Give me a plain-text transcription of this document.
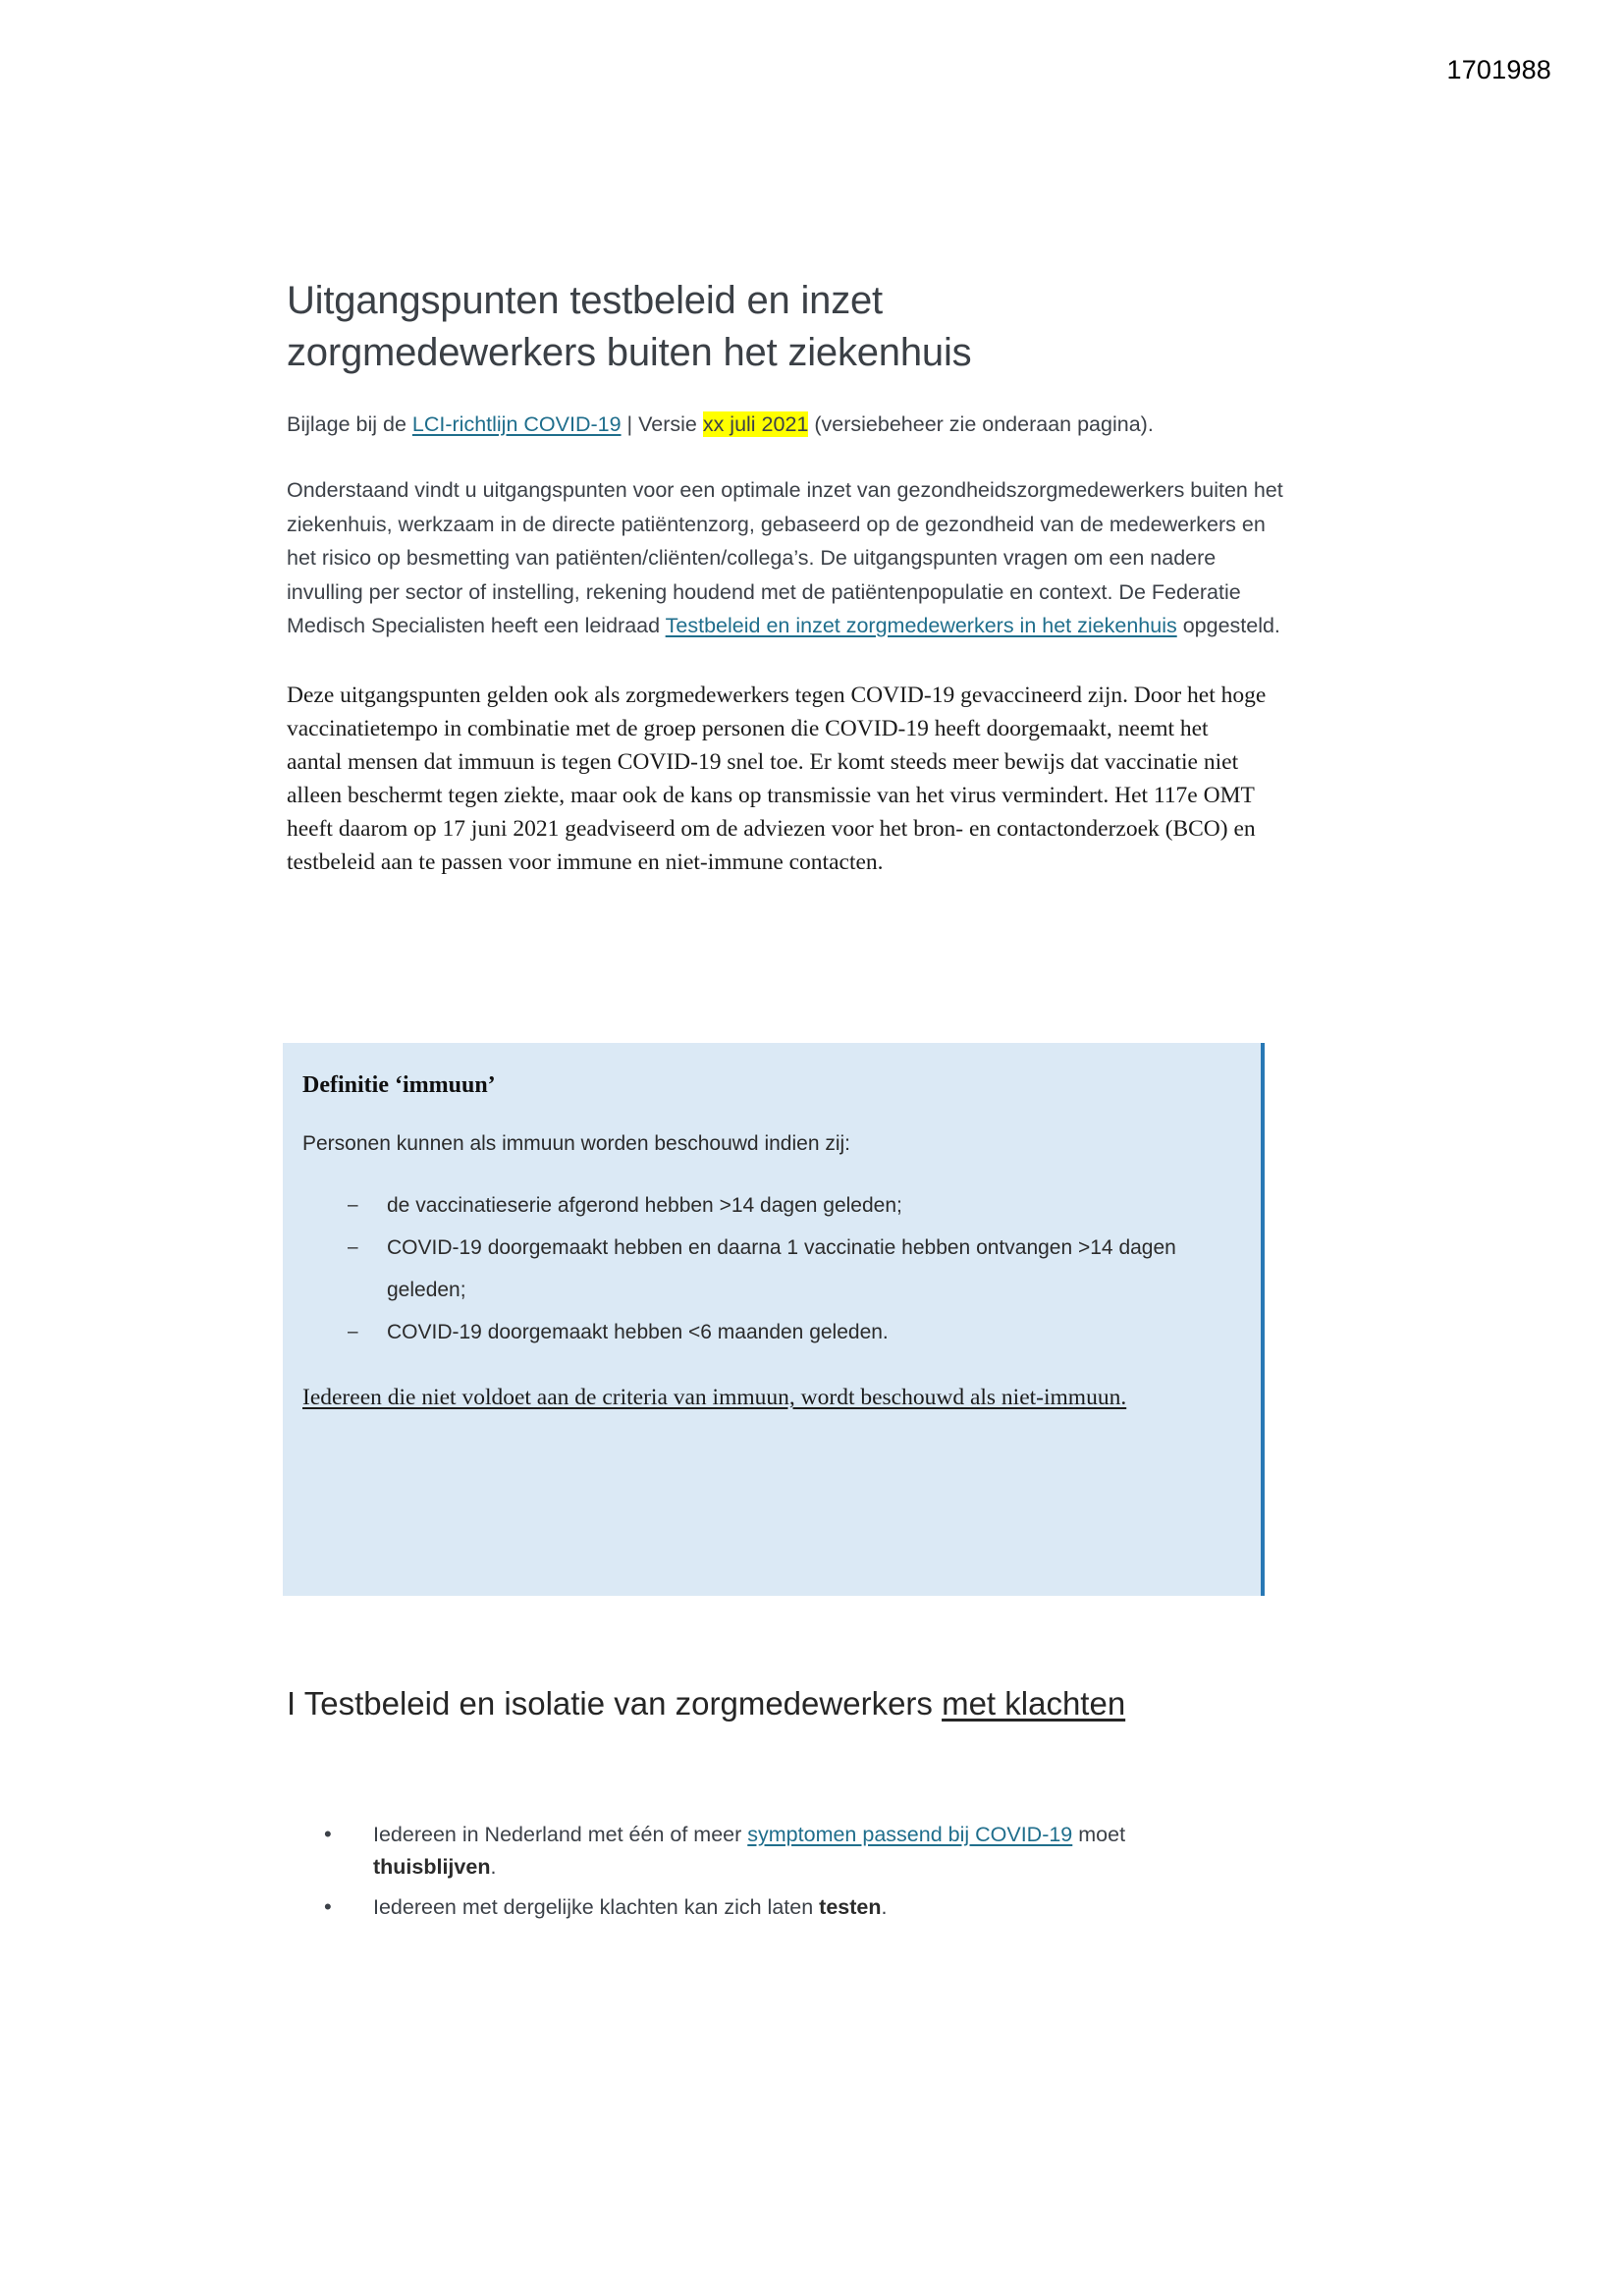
1701988
Uitgangspunten testbeleid en inzet zorgmedewerkers buiten het ziekenhuis

Bijlage bij de LCI-richtlijn COVID-19 | Versie xx juli 2021 (versiebeheer zie onderaan pagina).

Onderstaand vindt u uitgangspunten voor een optimale inzet van gezondheidszorgmedewerkers buiten het ziekenhuis, werkzaam in de directe patiëntenzorg, gebaseerd op de gezondheid van de medewerkers en het risico op besmetting van patiënten/cliënten/collega’s. De uitgangspunten vragen om een nadere invulling per sector of instelling, rekening houdend met de patiëntenpopulatie en context. De Federatie Medisch Specialisten heeft een leidraad Testbeleid en inzet zorgmedewerkers in het ziekenhuis opgesteld.

Deze uitgangspunten gelden ook als zorgmedewerkers tegen COVID-19 gevaccineerd zijn. Door het hoge vaccinatietempo in combinatie met de groep personen die COVID-19 heeft doorgemaakt, neemt het aantal mensen dat immuun is tegen COVID-19 snel toe. Er komt steeds meer bewijs dat vaccinatie niet alleen beschermt tegen ziekte, maar ook de kans op transmissie van het virus vermindert. Het 117e OMT heeft daarom op 17 juni 2021 geadviseerd om de adviezen voor het bron- en contactonderzoek (BCO) en testbeleid aan te passen voor immune en niet-immune contacten.

Definitie ‘immuun’

Personen kunnen als immuun worden beschouwd indien zij:

– de vaccinatieserie afgerond hebben >14 dagen geleden;
– COVID-19 doorgemaakt hebben en daarna 1 vaccinatie hebben ontvangen >14 dagen geleden;
– COVID-19 doorgemaakt hebben <6 maanden geleden.

Iedereen die niet voldoet aan de criteria van immuun, wordt beschouwd als niet-immuun.

I Testbeleid en isolatie van zorgmedewerkers met klachten
• Iedereen in Nederland met één of meer symptomen passend bij COVID-19 moet thuisblijven.
• Iedereen met dergelijke klachten kan zich laten testen.
